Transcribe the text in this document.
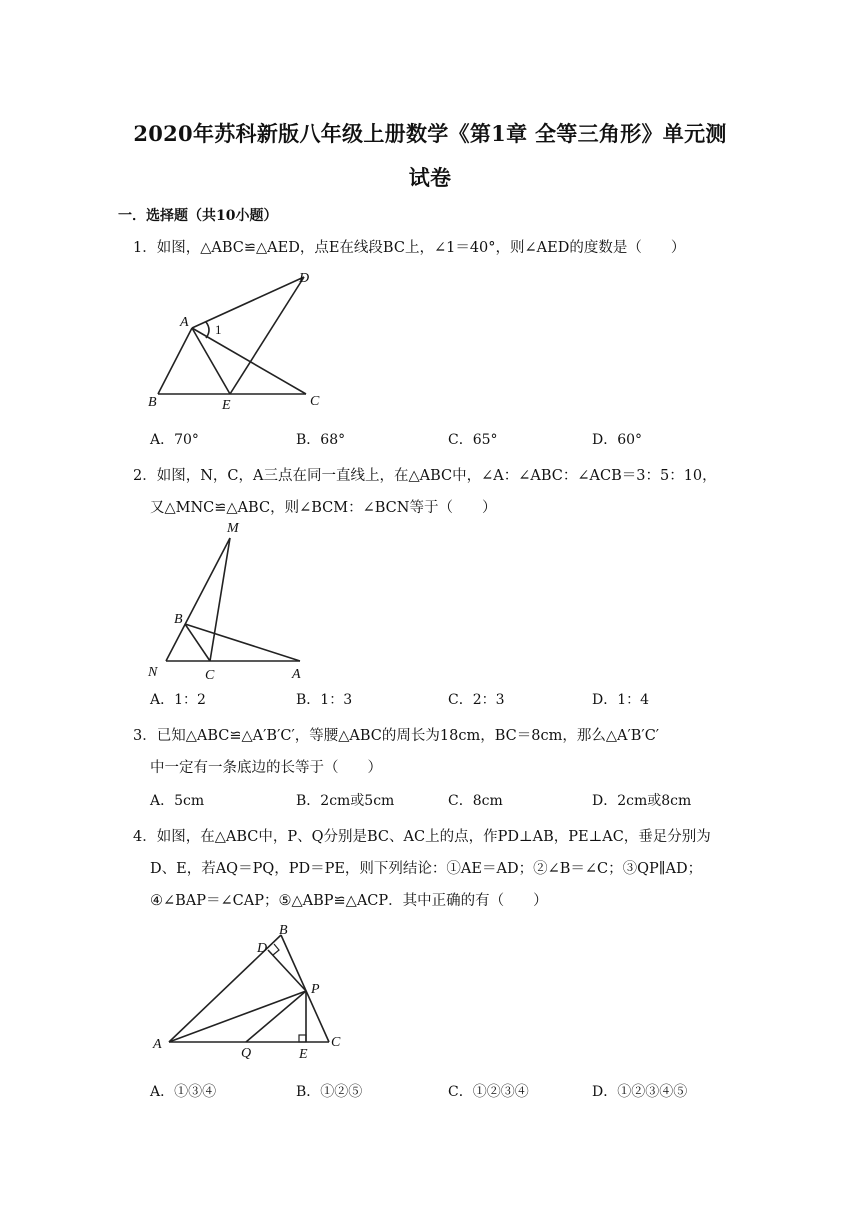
2020年苏科新版八年级上册数学《第1章 全等三角形》单元测
试卷
一．选择题（共10小题）
1．如图，△ABC≌△AED，点E在线段BC上，∠1＝40°，则∠AED的度数是（　　）
A 1
D
B	E	C
A．70°	B．68°	C．65°	D．60°
2．如图，N，C，A三点在同一直线上，在△ABC中，∠A：∠ABC：∠ACB＝3：5：10，
又△MNC≌△ABC，则∠BCM：∠BCN等于（　　）
M
B
N	C	A
A．1：2	B．1：3	C．2：3	D．1：4
3．已知△ABC≌△A′B′C′，等腰△ABC的周长为18cm，BC＝8cm，那么△A′B′C′
中一定有一条底边的长等于（　　）
A．5cm	B．2cm或5cm	C．8cm	D．2cm或8cm
4．如图，在△ABC中，P、Q分别是BC、AC上的点，作PD⊥AB，PE⊥AC，垂足分别为
D、E，若AQ＝PQ，PD＝PE，则下列结论：①AE＝AD；②∠B＝∠C；③QP∥AD；
④∠BAP＝∠CAP；⑤△ABP≌△ACP．其中正确的有（　　）
D
B
P
A
Q	E
C
A．①③④	B．①②⑤	C．①②③④	D．①②③④⑤
